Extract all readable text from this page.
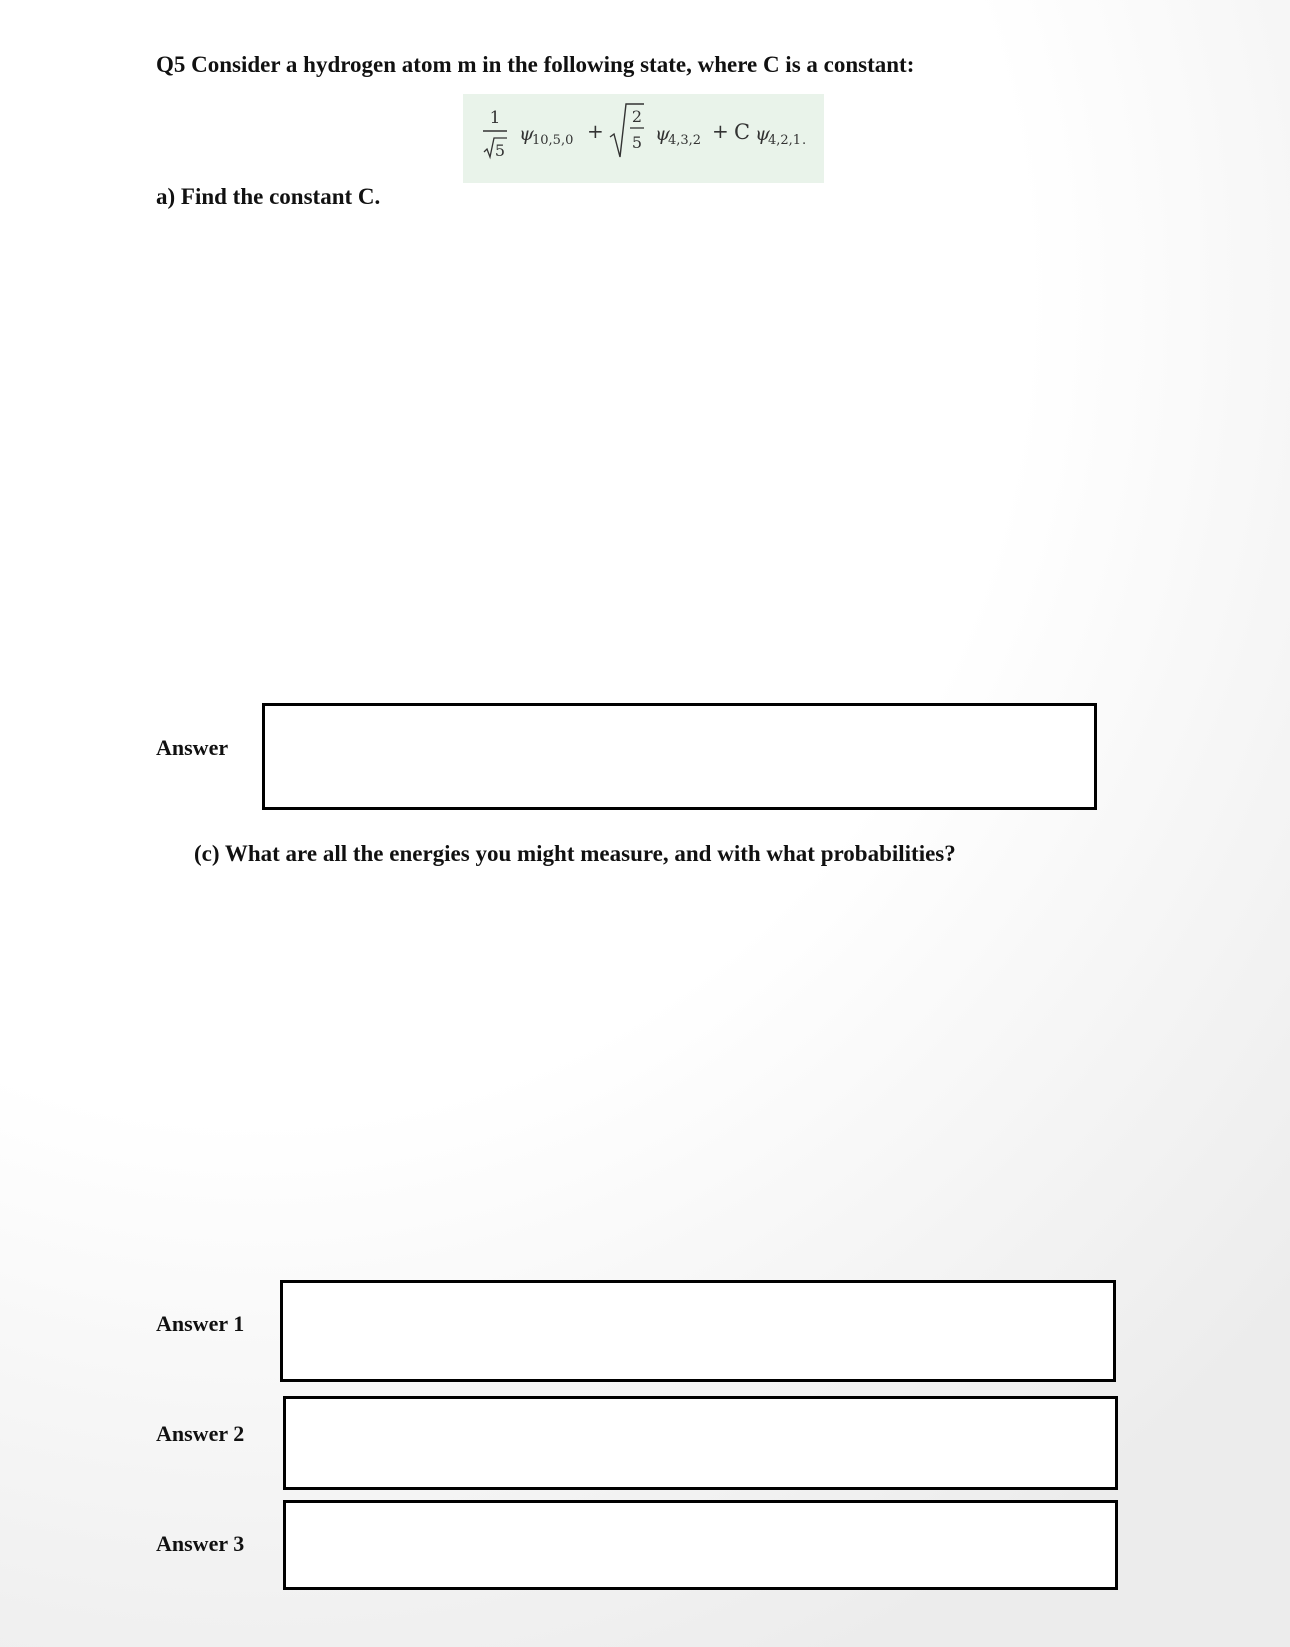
Q5 Consider a hydrogen atom m in the following state, where C is a constant:
1
5
ψ
10,5,0 +
2
5 ψ
4,3,2 + C ψ
4,2,1 .
a) Find the constant C.
Answer
(c) What are all the energies you might measure, and with what probabilities?
Answer 1
Answer 2
Answer 3
